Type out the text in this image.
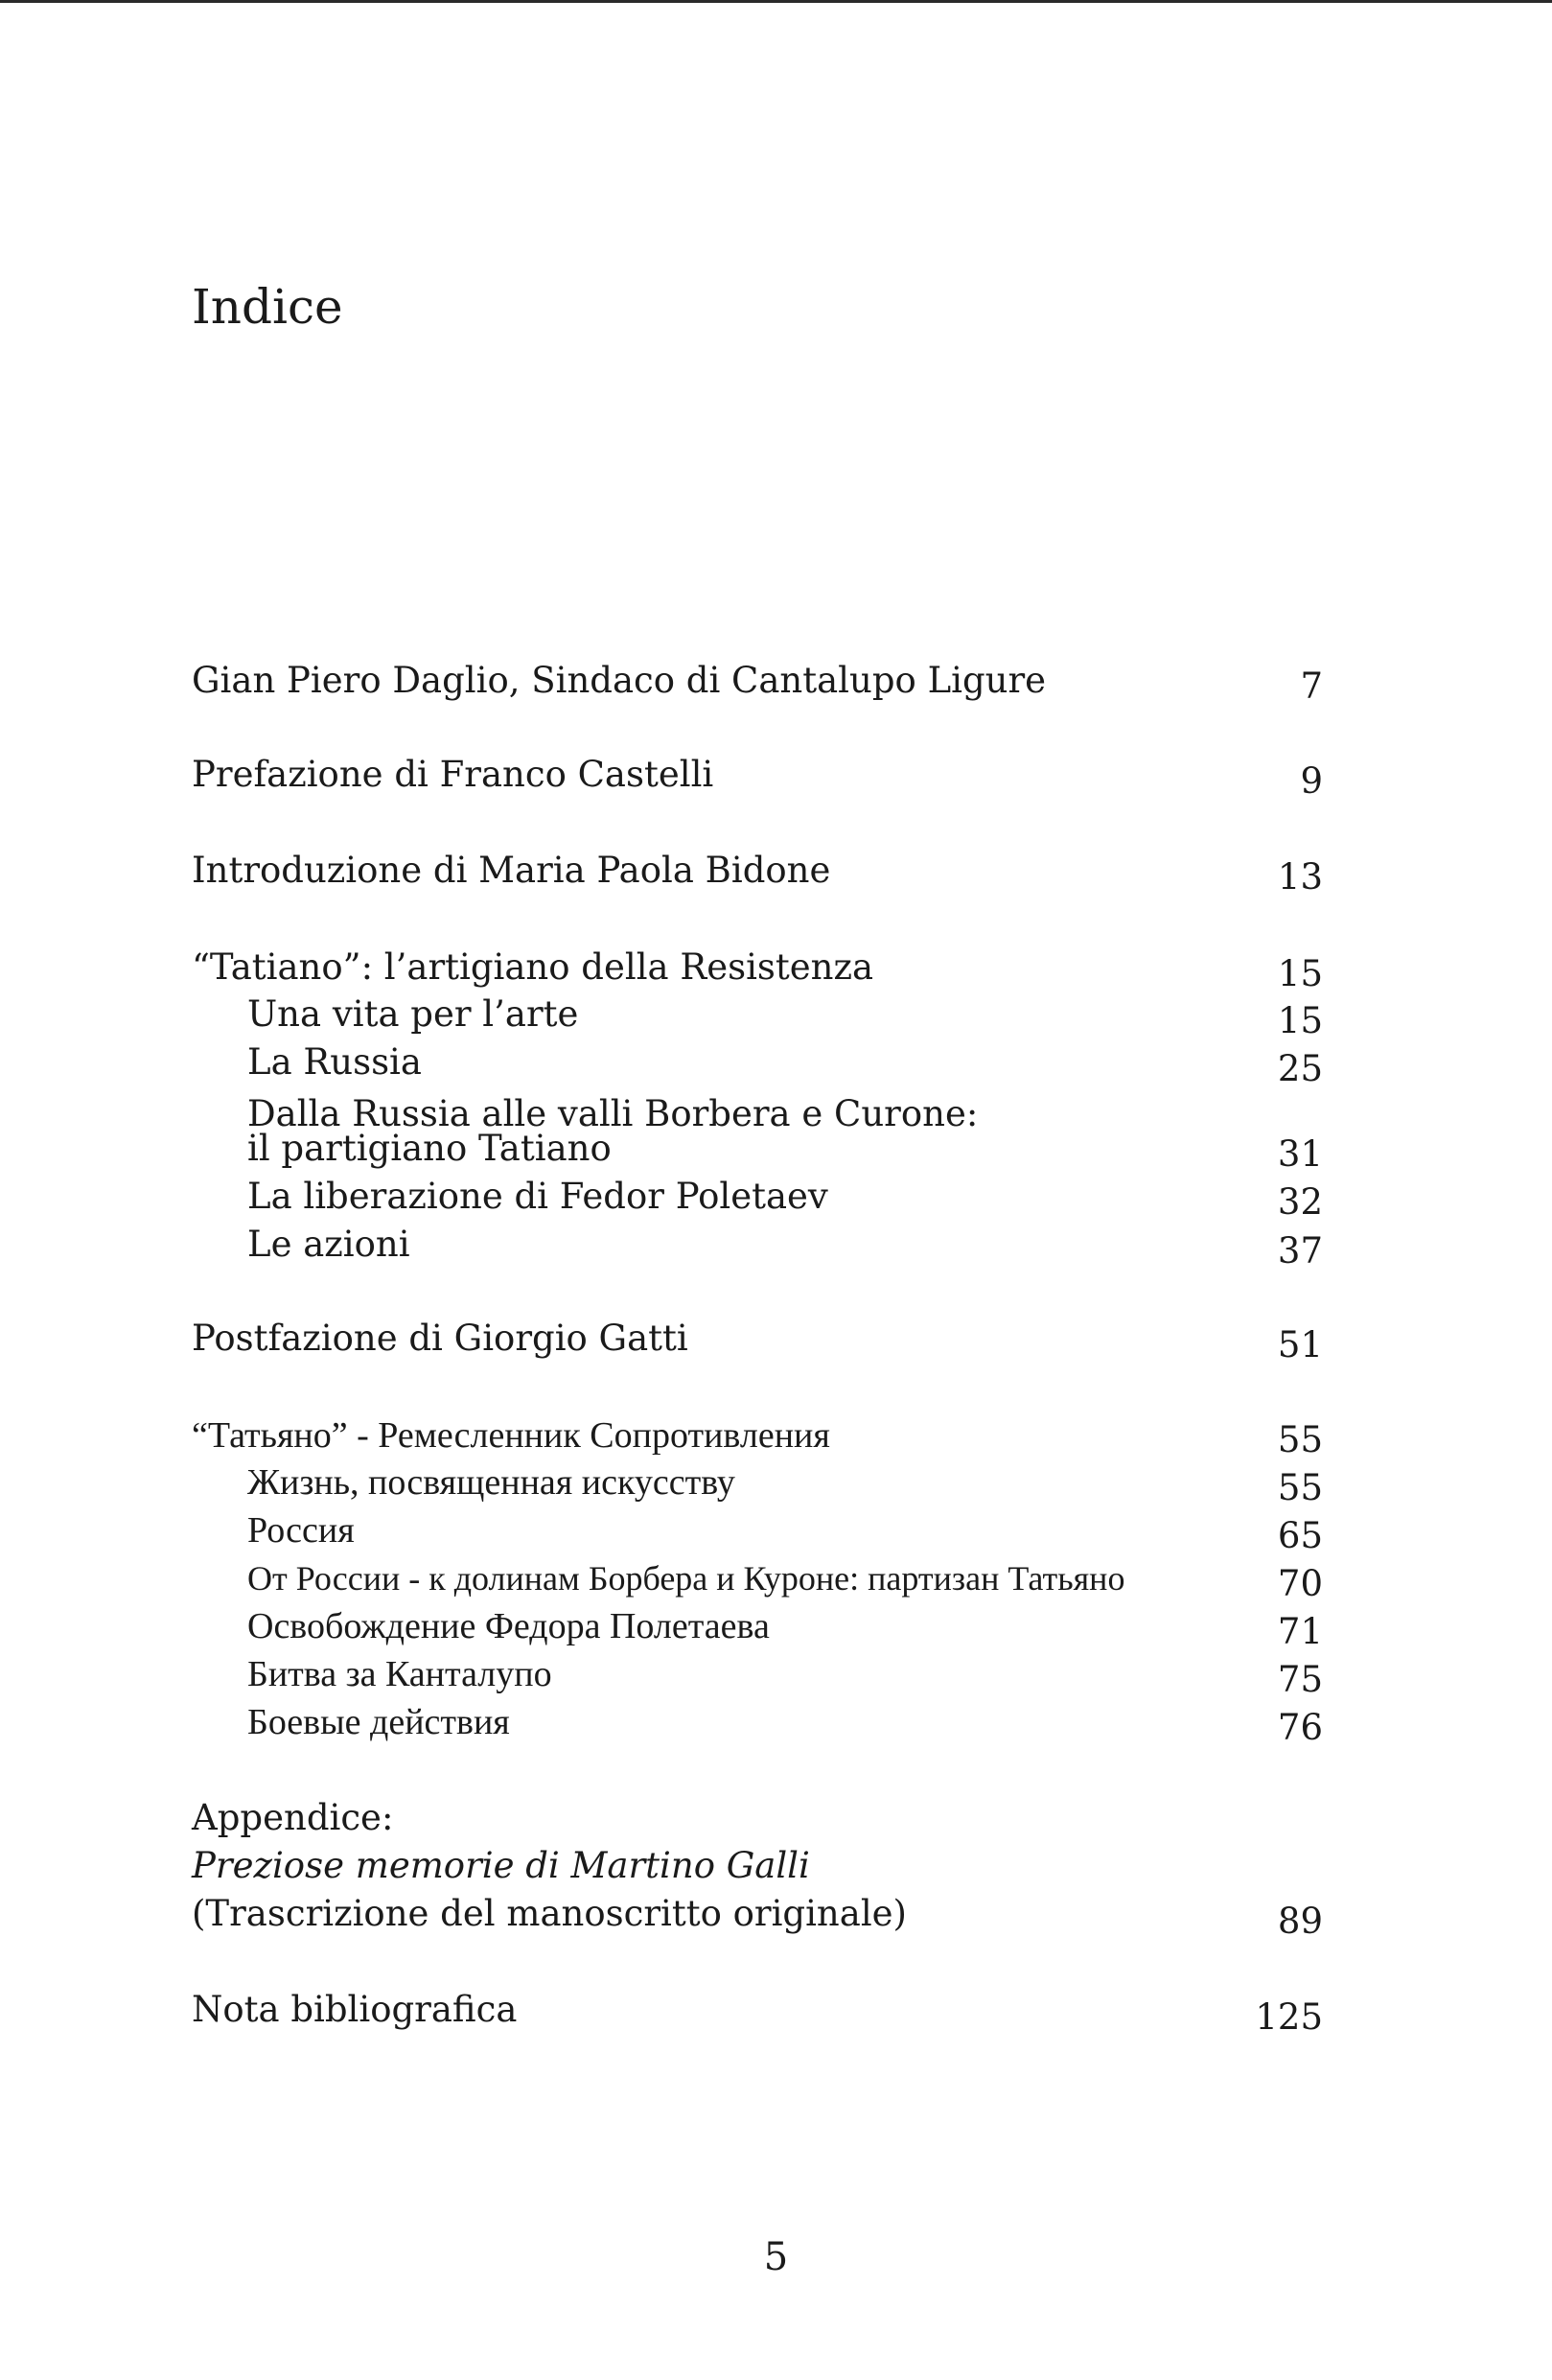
Indice
Gian Piero Daglio, Sindaco di Cantalupo Ligure	7
Prefazione di Franco Castelli	9
Introduzione di Maria Paola Bidone	13
“Tatiano”: l’artigiano della Resistenza	15
Una vita per l’arte	15
La Russia	25
Dalla Russia alle valli Borbera e Curone:
il partigiano Tatiano	31
La liberazione di Fedor Poletaev	32
Le azioni	37
Postfazione di Giorgio Gatti	51
“Татьяно” - Ремесленник Сопротивления	55
Жизнь, посвященная искусству	55
Россия	65
От России - к долинам Борбера и Куроне: партизан Татьяно	70
Освобождение Федора Полетаева	71
Битва за Канталупо	75
Боевые действия	76
Appendice:
Preziose memorie di Martino Galli
(Trascrizione del manoscritto originale)	89
Nota bibliografica	125
5
